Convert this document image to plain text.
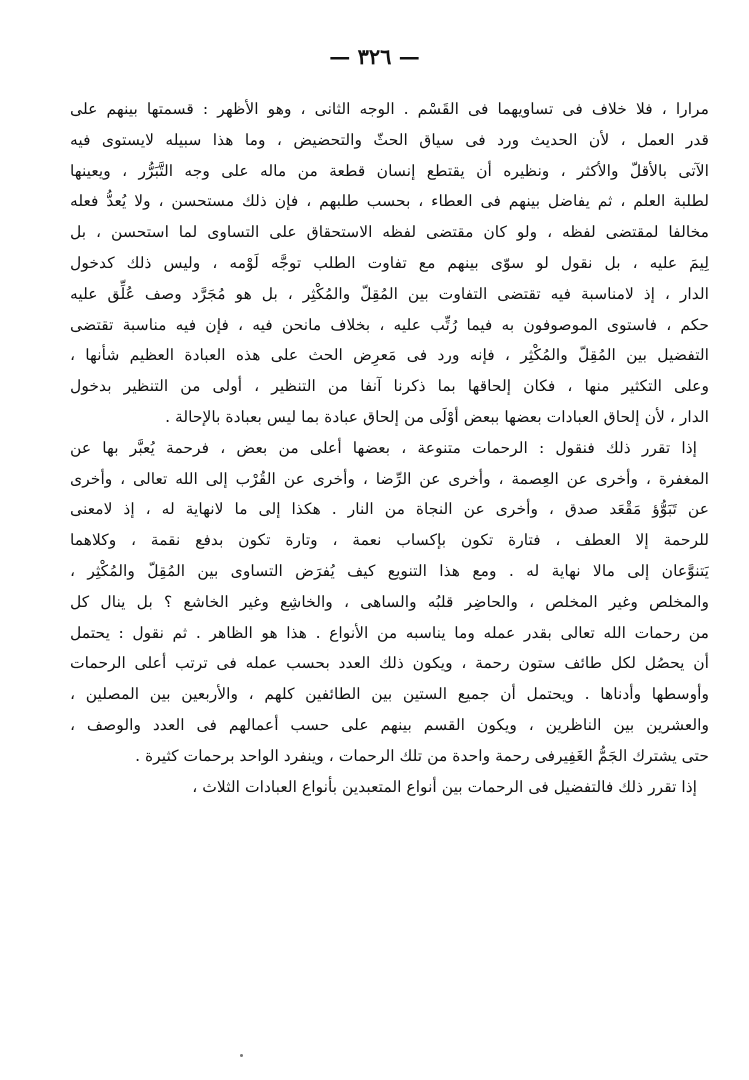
— ٣٢٦ —
مرارا ، فلا خلاف فى تساويهما فى القَسْم . الوجه الثانى ، وهو الأظهر : قسمتها بينهم على
قدر العمل ، لأن الحديث ورد فى سياق الحثّ والتحضيض ، وما هذا سبيله لايستوى فيه
الآتى بالأقلّ والأكثر ، ونظيره أن يقتطع إنسان قطعة من ماله على وجه التَّبَرُّر ، ويعينها
لطلبة العلم ، ثم يفاضل بينهم فى العطاء ، بحسب طلبهم ، فإن ذلك مستحسن ، ولا يُعدُّ فعله
مخالفا لمقتضى لفظه ، ولو كان مقتضى لفظه الاستحقاق على التساوى لما استحسن ، بل
لِيمَ عليه ، بل نقول لو سوّى بينهم مع تفاوت الطلب توجَّه لَوْمه ، وليس ذلك كدخول
الدار ، إذ لامناسبة فيه تقتضى التفاوت بين المُقِلّ والمُكْثِر ، بل هو مُجَرَّد وصف عُلِّق عليه
حكم ، فاستوى الموصوفون به فيما رُتِّب عليه ، بخلاف مانحن فيه ، فإن فيه مناسبة تقتضى
التفضيل بين المُقِلّ والمُكْثِر ، فإنه ورد فى مَعرِض الحث على هذه العبادة العظيم شأنها ،
وعلى التكثير منها ، فكان إلحاقها بما ذكرنا آنفا من التنظير ، أولى من التنظير بدخول
الدار ، لأن إلحاق العبادات بعضها ببعض أوْلَى من إلحاق عبادة بما ليس بعبادة بالإحالة .
إذا تقرر ذلك فنقول : الرحمات متنوعة ، بعضها أعلى من بعض ، فرحمة يُعبَّر بها عن
المغفرة ، وأخرى عن العِصمة ، وأخرى عن الرِّضا ، وأخرى عن القُرْب إلى الله تعالى ، وأخرى
عن تَبَوُّؤ مَقْعَد صدق ، وأخرى عن النجاة من النار . هكذا إلى ما لانهاية له ، إذ لامعنى
للرحمة إلا العطف ، فتارة تكون بإكساب نعمة ، وتارة تكون بدفع نقمة ، وكلاهما
يَتنوَّعان إلى مالا نهاية له . ومع هذا التنويع كيف يُفرَض التساوى بين المُقِلّ والمُكْثِر ،
والمخلص وغير المخلص ، والحاضِر قلبُه والساهى ، والخاشِع وغير الخاشع ؟ بل ينال كل
من رحمات الله تعالى بقدر عمله وما يناسبه من الأنواع . هذا هو الظاهر . ثم نقول : يحتمل
أن يحصُل لكل طائف ستون رحمة ، ويكون ذلك العدد بحسب عمله فى ترتب أعلى الرحمات
وأوسطها وأدناها . ويحتمل أن جميع الستين بين الطائفين كلهم ، والأربعين بين المصلين ،
والعشرين بين الناظرين ، ويكون القسم بينهم على حسب أعمالهم فى العدد والوصف ،
حتى يشترك الجَمُّ الغَفِيرفى رحمة واحدة من تلك الرحمات ، وينفرد الواحد برحمات كثيرة .
إذا تقرر ذلك فالتفضيل فى الرحمات بين أنواع المتعبدين بأنواع العبادات الثلاث ،
